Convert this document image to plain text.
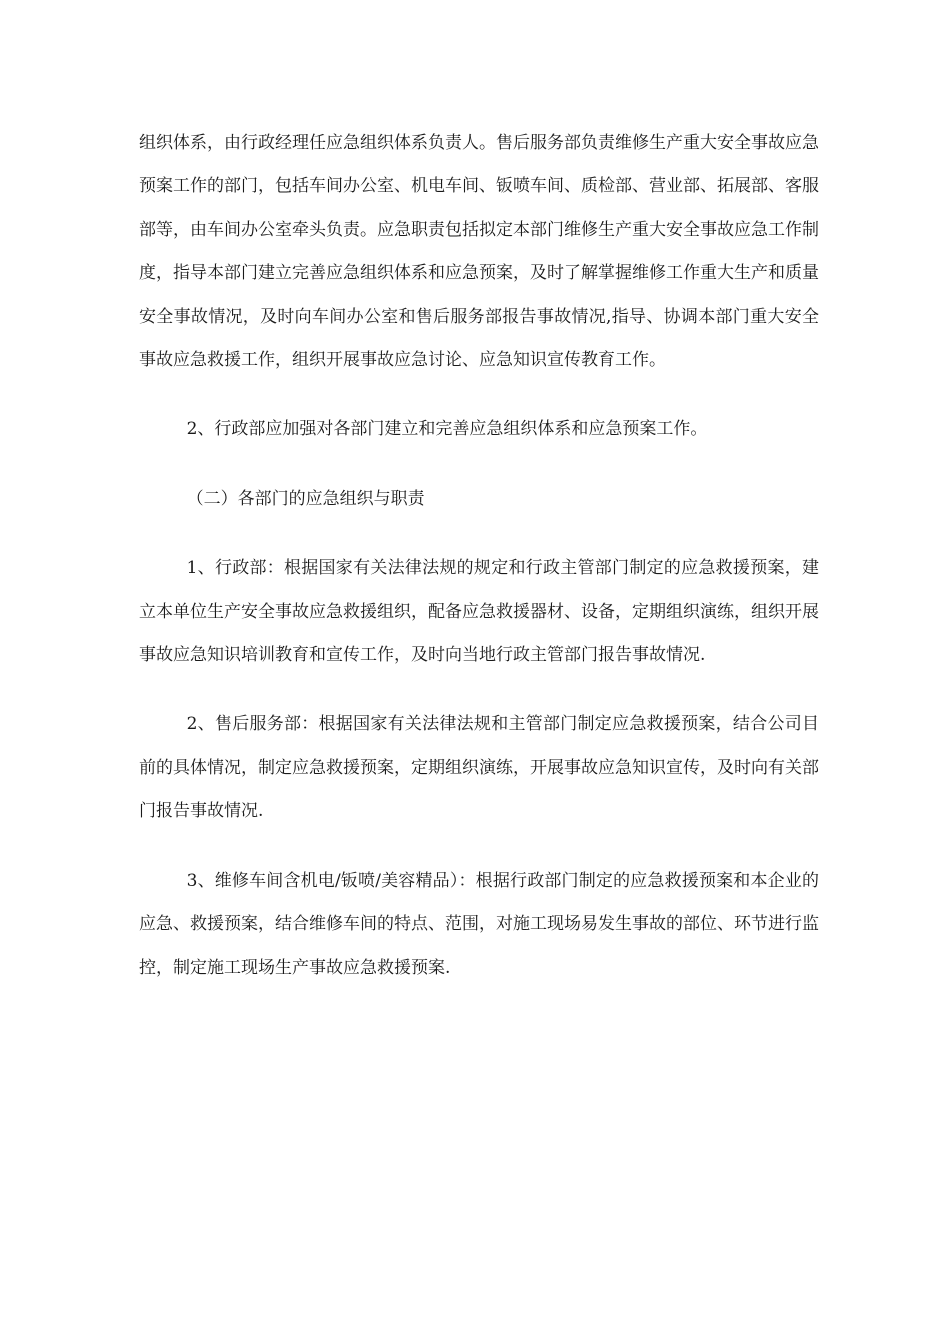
组织体系，由行政经理任应急组织体系负责人。售后服务部负责维修生产重大安全事故应急预案工作的部门，包括车间办公室、机电车间、钣喷车间、质检部、营业部、拓展部、客服部等，由车间办公室牵头负责。应急职责包括拟定本部门维修生产重大安全事故应急工作制度，指导本部门建立完善应急组织体系和应急预案，及时了解掌握维修工作重大生产和质量安全事故情况，及时向车间办公室和售后服务部报告事故情况,指导、协调本部门重大安全事故应急救援工作，组织开展事故应急讨论、应急知识宣传教育工作。

2、行政部应加强对各部门建立和完善应急组织体系和应急预案工作。

（二）各部门的应急组织与职责

1、行政部：根据国家有关法律法规的规定和行政主管部门制定的应急救援预案，建立本单位生产安全事故应急救援组织，配备应急救援器材、设备，定期组织演练，组织开展事故应急知识培训教育和宣传工作，及时向当地行政主管部门报告事故情况.

2、售后服务部：根据国家有关法律法规和主管部门制定应急救援预案，结合公司目前的具体情况，制定应急救援预案，定期组织演练，开展事故应急知识宣传，及时向有关部门报告事故情况.

3、维修车间含机电/钣喷/美容精品）：根据行政部门制定的应急救援预案和本企业的应急、救援预案，结合维修车间的特点、范围，对施工现场易发生事故的部位、环节进行监控，制定施工现场生产事故应急救援预案.
